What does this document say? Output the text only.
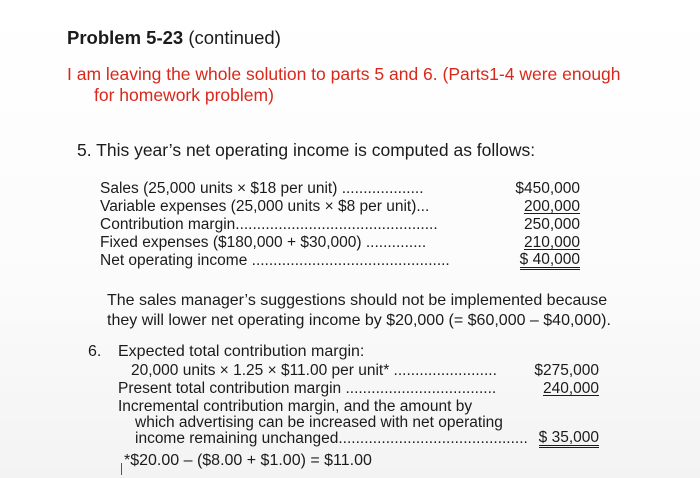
Problem 5-23 (continued)
I am leaving the whole solution to parts 5 and 6. (Parts1-4 were enough
for homework problem)
5. This year’s net operating income is computed as follows:
Sales (25,000 units × $18 per unit) ...................	$450,000
Variable expenses (25,000 units × $8 per unit)...	200,000
Contribution margin...............................................	250,000
Fixed expenses ($180,000 + $30,000) ..............	210,000
Net operating income ..............................................	$ 40,000
The sales manager’s suggestions should not be implemented because
they will lower net operating income by $20,000 (= $60,000 – $40,000).
6. Expected total contribution margin:
20,000 units × 1.25 × $11.00 per unit* ........................ $275,000
Present total contribution margin ...................................	240,000
Incremental contribution margin, and the amount by
which advertising can be increased with net operating
income remaining unchanged............................................ $ 35,000
*$20.00 – ($8.00 + $1.00) = $11.00
